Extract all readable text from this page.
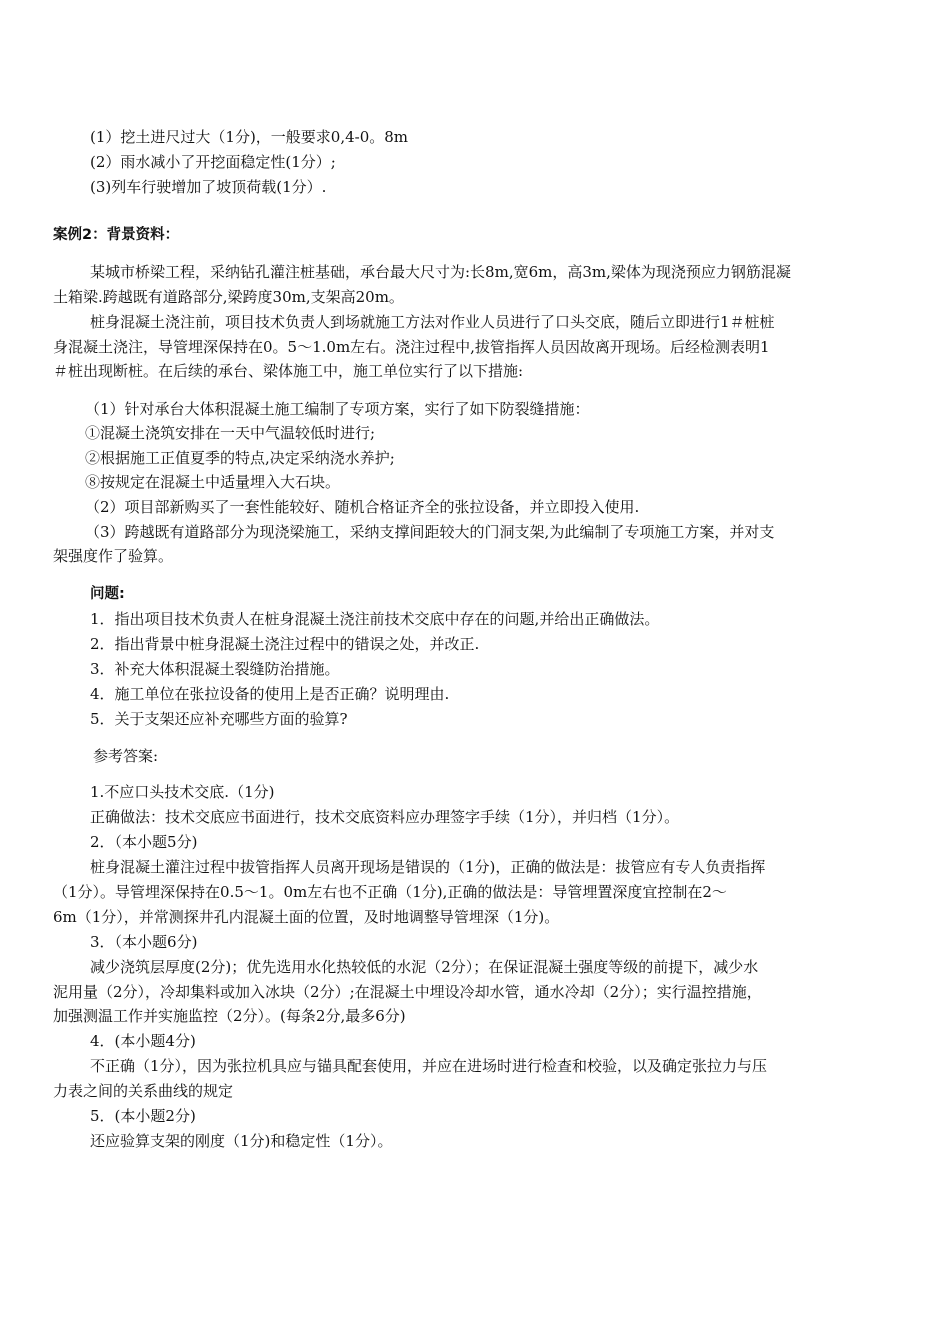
(1）挖土进尺过大（1分)，一般要求0,4-0。8m
(2）雨水减小了开挖面稳定性(1分）;
(3)列车行驶增加了坡顶荷载(1分）.
案例2：背景资料：
某城市桥梁工程，采纳钻孔灌注桩基础，承台最大尺寸为:长8m,宽6m，高3m,梁体为现浇预应力钢筋混凝
土箱梁.跨越既有道路部分,梁跨度30m,支架高20m。
桩身混凝土浇注前，项目技术负责人到场就施工方法对作业人员进行了口头交底，随后立即进行1＃桩桩
身混凝土浇注，导管埋深保持在0。5～1.0m左右。浇注过程中,拔管指挥人员因故离开现场。后经检测表明1
＃桩出现断桩。在后续的承台、梁体施工中，施工单位实行了以下措施:
（1）针对承台大体积混凝土施工编制了专项方案，实行了如下防裂缝措施：
①混凝土浇筑安排在一天中气温较低时进行;
②根据施工正值夏季的特点,决定采纳浇水养护;
⑧按规定在混凝土中适量埋入大石块。
（2）项目部新购买了一套性能较好、随机合格证齐全的张拉设备，并立即投入使用.
（3）跨越既有道路部分为现浇梁施工，采纳支撑间距较大的门洞支架,为此编制了专项施工方案，并对支
架强度作了验算。
问题:
1．指出项目技术负责人在桩身混凝土浇注前技术交底中存在的问题,并给出正确做法。
2．指出背景中桩身混凝土浇注过程中的错误之处，并改正.
3．补充大体积混凝土裂缝防治措施。
4．施工单位在张拉设备的使用上是否正确？说明理由.
5．关于支架还应补充哪些方面的验算?
参考答案:
1.不应口头技术交底.（1分)
正确做法：技术交底应书面进行，技术交底资料应办理签字手续（1分），并归档（1分）。
2．（本小题5分)
桩身混凝土灌注过程中拔管指挥人员离开现场是错误的（1分)，正确的做法是：拔管应有专人负责指挥
（1分）。导管埋深保持在0.5～1。0m左右也不正确（1分),正确的做法是：导管埋置深度宜控制在2～
6m（1分），并常测探井孔内混凝土面的位置，及时地调整导管埋深（1分)。
3．（本小题6分)
减少浇筑层厚度(2分)；优先选用水化热较低的水泥（2分）；在保证混凝土强度等级的前提下，减少水
泥用量（2分），冷却集料或加入冰块（2分）;在混凝土中埋设冷却水管，通水冷却（2分）；实行温控措施，
加强测温工作并实施监控（2分）。(每条2分,最多6分)
4．(本小题4分)
不正确（1分），因为张拉机具应与锚具配套使用，并应在进场时进行检查和校验，以及确定张拉力与压
力表之间的关系曲线的规定
5．(本小题2分)
还应验算支架的刚度（1分)和稳定性（1分）。
